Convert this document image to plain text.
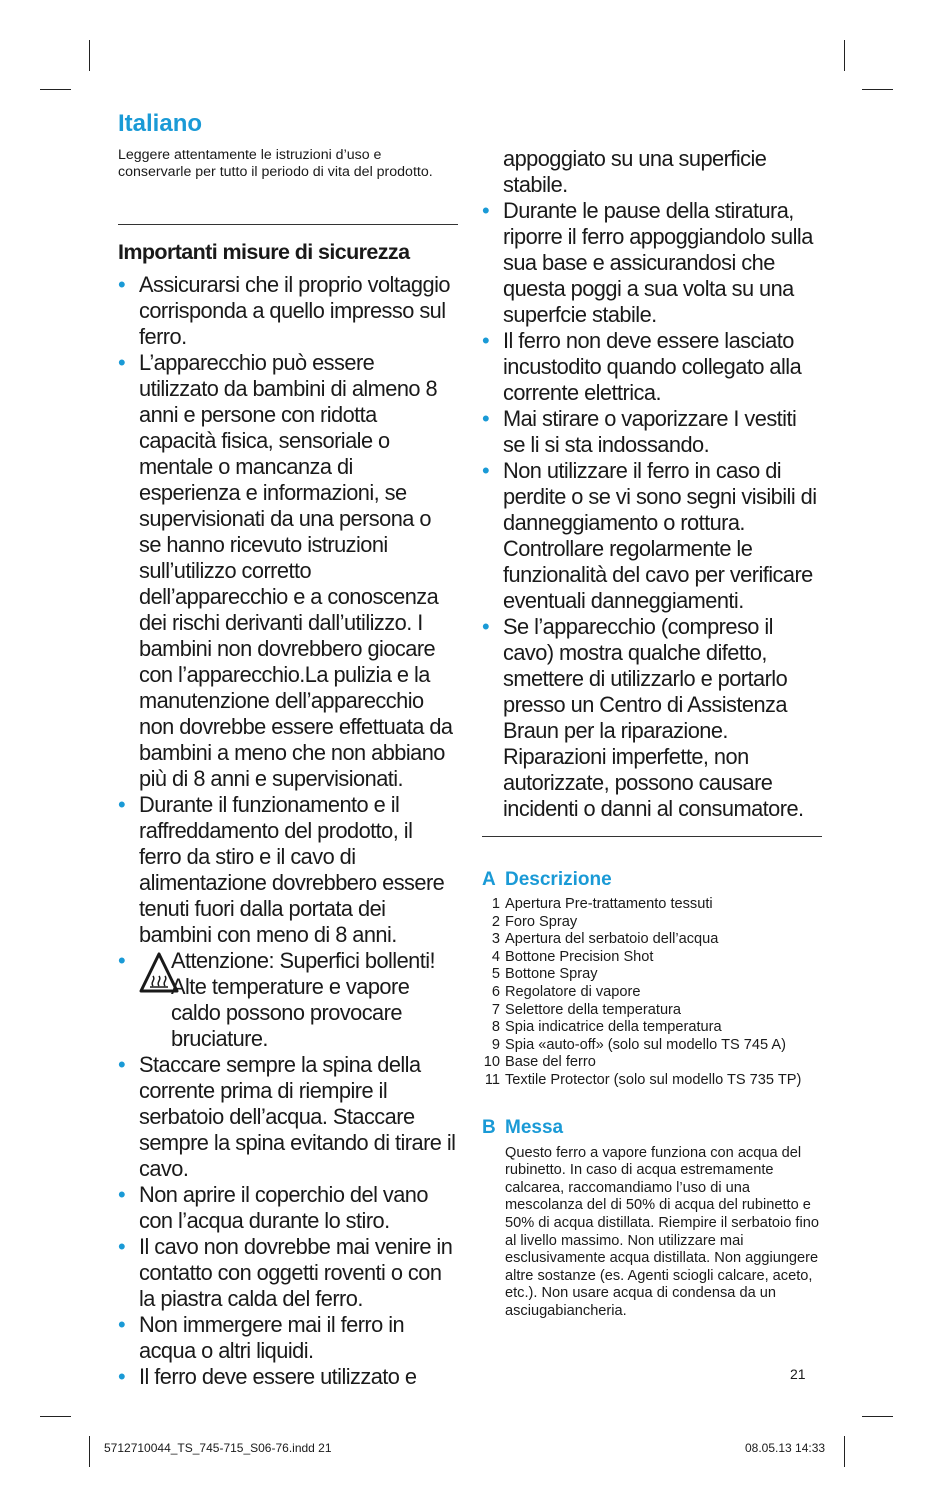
Italiano
Leggere attentamente le istruzioni d’uso e conservarle per tutto il periodo di vita del prodotto.
Importanti misure di sicurezza
• Assicurarsi che il proprio voltaggio corrisponda a quello impresso sul ferro.
• L’apparecchio può essere utilizzato da bambini di almeno 8 anni e persone con ridotta capacità fisica, sensoriale o mentale o mancanza di esperienza e informazioni, se supervisionati da una persona o se hanno ricevuto istruzioni sull’utilizzo corretto dell’apparecchio e a conoscenza dei rischi derivanti dall’utilizzo. I bambini non dovrebbero giocare con l’apparecchio.La pulizia e la manutenzione dell’apparecchio non dovrebbe essere effettuata da bambini a meno che non abbiano più di 8 anni e supervisionati.
• Durante il funzionamento e il raffreddamento del prodotto, il ferro da stiro e il cavo di alimentazione dovrebbero essere tenuti fuori dalla portata dei bambini con meno di 8 anni.
• Attenzione: Superfici bollenti! Alte temperature e vapore caldo possono provocare bruciature.
• Staccare sempre la spina della corrente prima di riempire il serbatoio dell’acqua. Staccare sempre la spina evitando di tirare il cavo.
• Non aprire il coperchio del vano con l’acqua durante lo stiro.
• Il cavo non dovrebbe mai venire in contatto con oggetti roventi o con la piastra calda del ferro.
• Non immergere mai il ferro in acqua o altri liquidi.
• Il ferro deve essere utilizzato e
appoggiato su una superficie stabile.
• Durante le pause della stiratura, riporre il ferro appoggiandolo sulla sua base e assicurandosi che questa poggi a sua volta su una superfcie stabile.
• Il ferro non deve essere lasciato incustodito quando collegato alla corrente elettrica.
• Mai stirare o vaporizzare I vestiti se li si sta indossando.
• Non utilizzare il ferro in caso di perdite o se vi sono segni visibili di danneggiamento o rottura. Controllare regolarmente le funzionalità del cavo per verificare eventuali danneggiamenti.
• Se l’apparecchio (compreso il cavo) mostra qualche difetto, smettere di utilizzarlo e portarlo presso un Centro di Assistenza Braun per la riparazione. Riparazioni imperfette, non autorizzate, possono causare incidenti o danni al consumatore.
A Descrizione
1 Apertura Pre-trattamento tessuti
2 Foro Spray
3 Apertura del serbatoio dell’acqua
4 Bottone Precision Shot
5 Bottone Spray
6 Regolatore di vapore
7 Selettore della temperatura
8 Spia indicatrice della temperatura
9 Spia «auto-off» (solo sul modello TS 745 A)
10 Base del ferro
11 Textile Protector (solo sul modello TS 735 TP)
B Messa
Questo ferro a vapore funziona con acqua del rubinetto. In caso di acqua estremamente calcarea, raccomandiamo l’uso di una mescolanza del di 50% di acqua del rubinetto e 50% di acqua distillata. Riempire il serbatoio fino al livello massimo. Non utilizzare mai esclusivamente acqua distillata. Non aggiungere altre sostanze (es. Agenti sciogli calcare, aceto, etc.). Non usare acqua di condensa da un asciugabiancheria.
21
5712710044_TS_745-715_S06-76.indd 21	08.05.13 14:33
